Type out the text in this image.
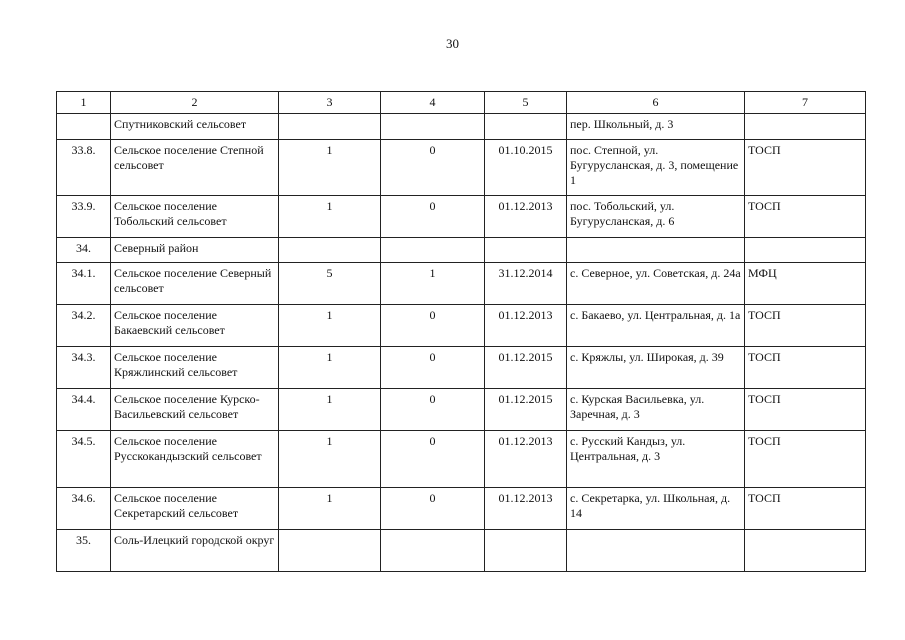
30
1	2	3	4	5	6	7
	Спутниковский сельсовет				пер. Школьный, д. 3	
33.8.	Сельское поселение Степной сельсовет	1	0	01.10.2015	пос. Степной, ул. Бугурусланская, д. 3, помещение 1	ТОСП
33.9.	Сельское поселение Тобольский сельсовет	1	0	01.12.2013	пос. Тобольский, ул. Бугурусланская, д. 6	ТОСП
34.	Северный район					
34.1.	Сельское поселение Северный сельсовет	5	1	31.12.2014	с. Северное, ул. Советская, д. 24а	МФЦ
34.2.	Сельское поселение Бакаевский сельсовет	1	0	01.12.2013	с. Бакаево, ул. Центральная, д. 1а	ТОСП
34.3.	Сельское поселение Кряжлинский сельсовет	1	0	01.12.2015	с. Кряжлы, ул. Широкая, д. 39	ТОСП
34.4.	Сельское поселение Курско-Васильевский сельсовет	1	0	01.12.2015	с. Курская Васильевка, ул. Заречная, д. 3	ТОСП
34.5.	Сельское поселение Русскокандызский сельсовет	1	0	01.12.2013	с. Русский Кандыз, ул. Центральная, д. 3	ТОСП
34.6.	Сельское поселение Секретарский сельсовет	1	0	01.12.2013	с. Секретарка, ул. Школьная, д. 14	ТОСП
35.	Соль-Илецкий городской округ					
